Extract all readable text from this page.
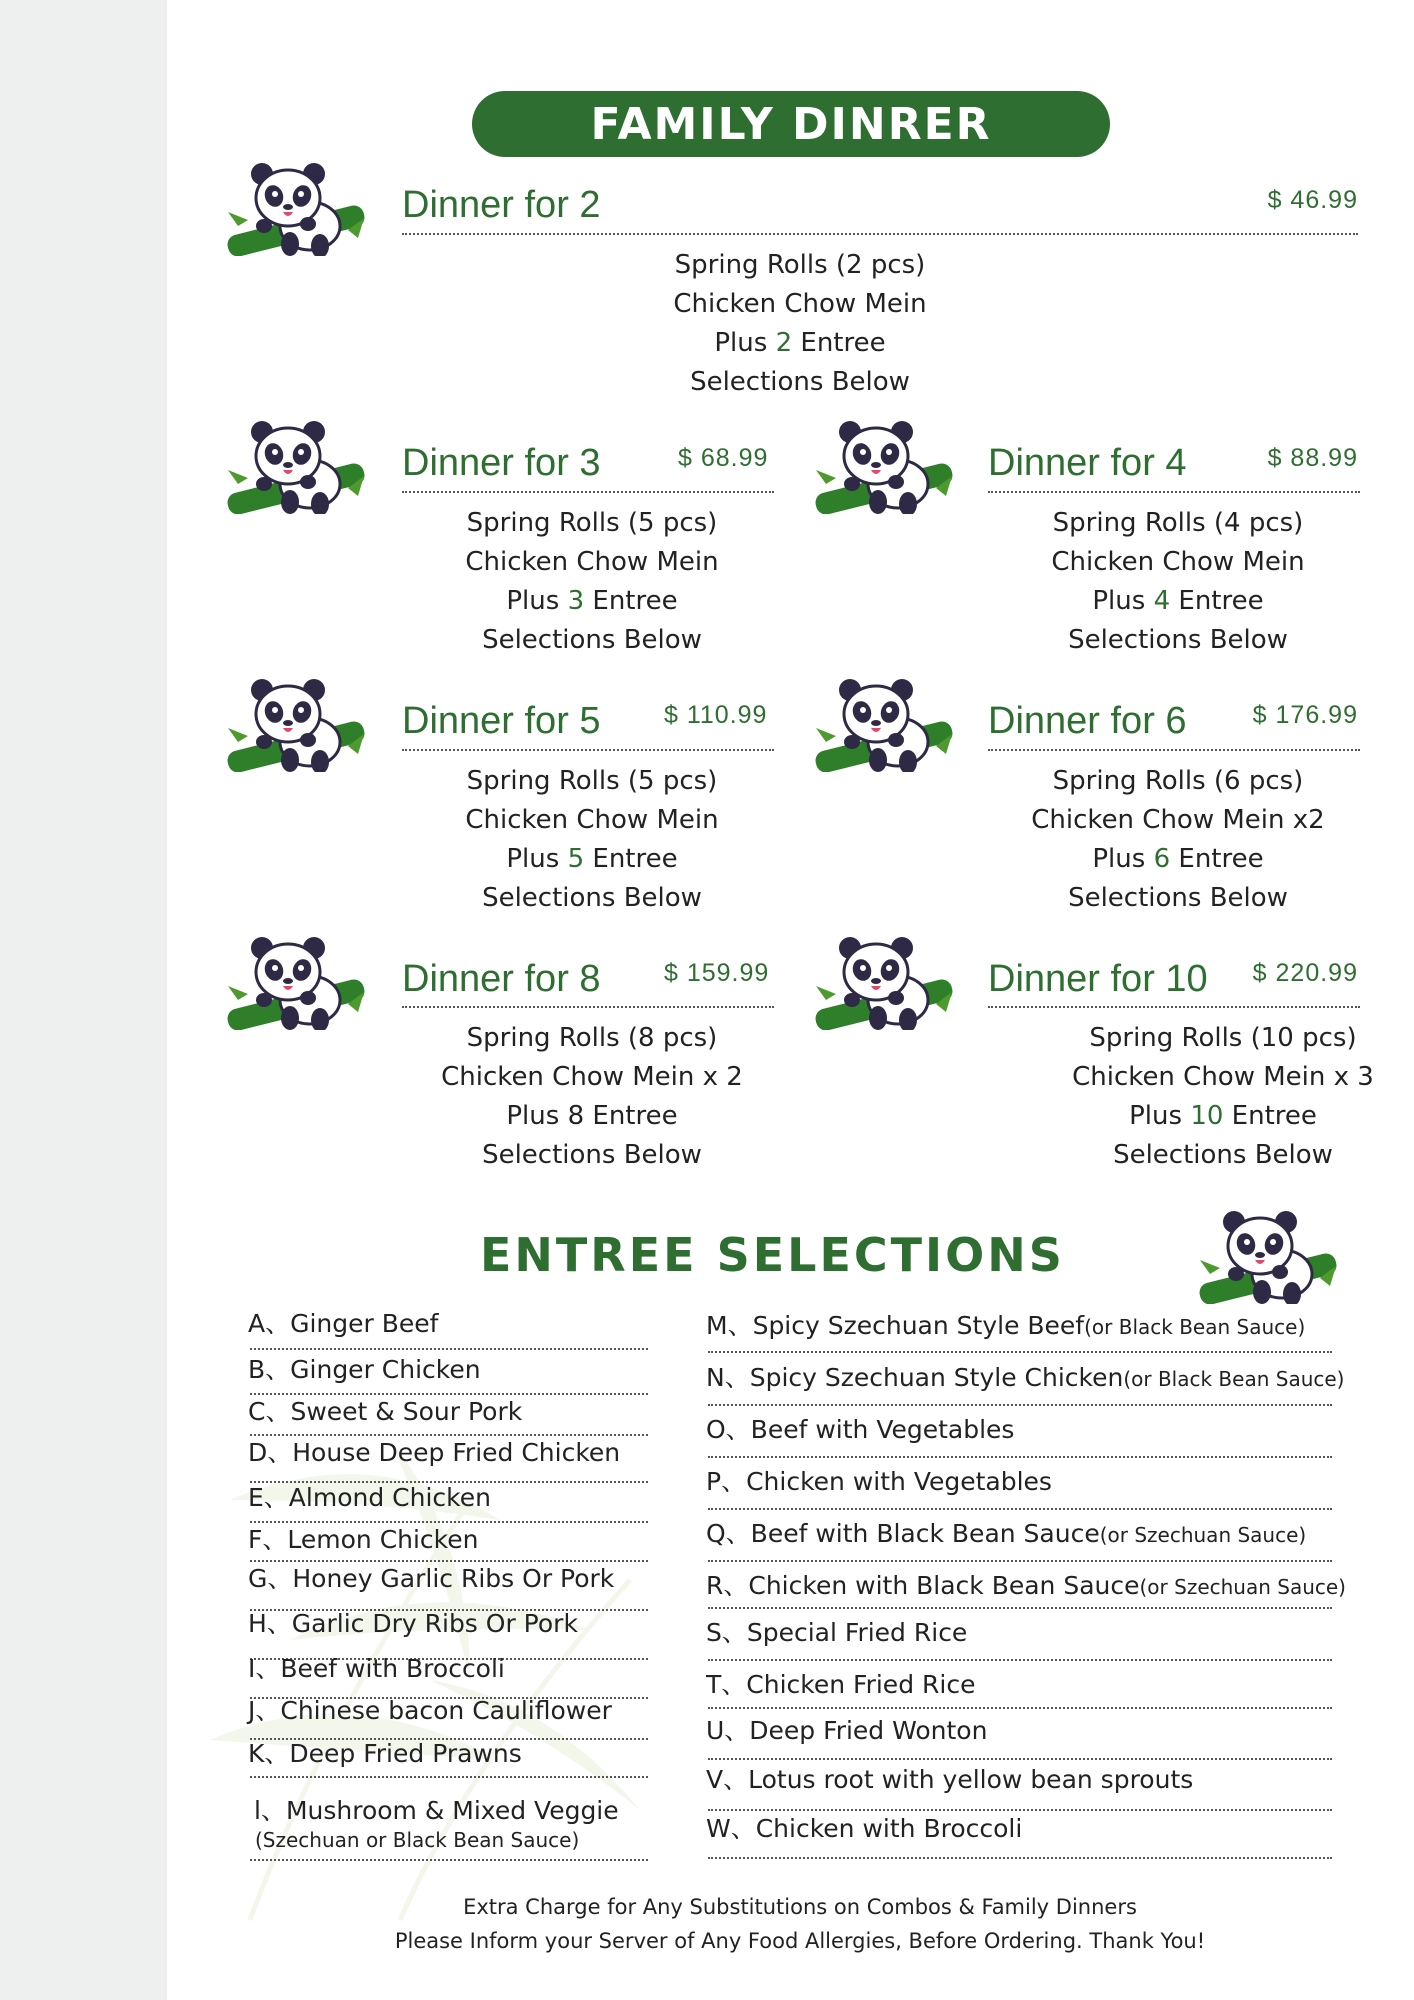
FAMILY DINRER
Dinner for 2	$ 46.99
Spring Rolls (2 pcs)
Chicken Chow Mein
Plus 2 Entree
Selections Below
Dinner for 3	$ 68.99
Spring Rolls (5 pcs)
Chicken Chow Mein
Plus 3 Entree
Selections Below
Dinner for 4	$ 88.99
Spring Rolls (4 pcs)
Chicken Chow Mein
Plus 4 Entree
Selections Below
Dinner for 5	$ 110.99
Spring Rolls (5 pcs)
Chicken Chow Mein
Plus 5 Entree
Selections Below
Dinner for 6	$ 176.99
Spring Rolls (6 pcs)
Chicken Chow Mein x2
Plus 6 Entree
Selections Below
Dinner for 8	$ 159.99
Spring Rolls (8 pcs)
Chicken Chow Mein x 2
Plus 8 Entree
Selections Below
Dinner for 10 $ 220.99
Spring Rolls (10 pcs)
Chicken Chow Mein x 3
Plus 10 Entree
Selections Below
ENTREE SELECTIONS
A、Ginger Beef
B、Ginger Chicken
C、Sweet & Sour Pork
D、House Deep Fried Chicken
E、Almond Chicken
F、Lemon Chicken
G、Honey Garlic Ribs Or Pork
H、Garlic Dry Ribs Or Pork
I、Beef with Broccoli
J、Chinese bacon Cauliflower
K、Deep Fried Prawns
l、Mushroom & Mixed Veggie
(Szechuan or Black Bean Sauce)
M、Spicy Szechuan Style Beef(or Black Bean Sauce)
N、Spicy Szechuan Style Chicken(or Black Bean Sauce)
O、Beef with Vegetables
P、Chicken with Vegetables
Q、Beef with Black Bean Sauce(or Szechuan Sauce)
R、Chicken with Black Bean Sauce(or Szechuan Sauce)
S、Special Fried Rice
T、Chicken Fried Rice
U、Deep Fried Wonton
V、Lotus root with yellow bean sprouts
W、Chicken with Broccoli
Extra Charge for Any Substitutions on Combos & Family Dinners
Please Inform your Server of Any Food Allergies, Before Ordering. Thank You!
